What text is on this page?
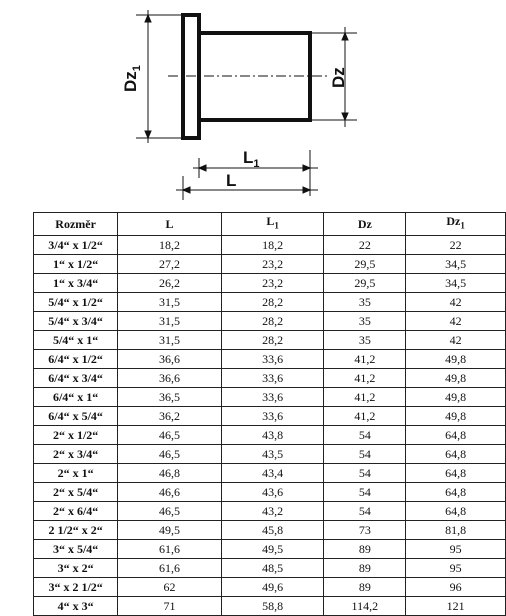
$Dz_1$	Dz
$L_1$
L
Rozměr	L	$L_1$	Dz	$Dz_1$
3/4“ x 1/2“	18,2	18,2	22	22
1“ x 1/2“	27,2	23,2	29,5	34,5
1“ x 3/4“	26,2	23,2	29,5	34,5
5/4“ x 1/2“	31,5	28,2	35	42
5/4“ x 3/4“	31,5	28,2	35	42
5/4“ x 1“	31,5	28,2	35	42
6/4“ x 1/2“	36,6	33,6	41,2	49,8
6/4“ x 3/4“	36,6	33,6	41,2	49,8
6/4“ x 1“	36,5	33,6	41,2	49,8
6/4“ x 5/4“	36,2	33,6	41,2	49,8
2“ x 1/2“	46,5	43,8	54	64,8
2“ x 3/4“	46,5	43,5	54	64,8
2“ x 1“	46,8	43,4	54	64,8
2“ x 5/4“	46,6	43,6	54	64,8
2“ x 6/4“	46,5	43,2	54	64,8
2 1/2“ x 2“	49,5	45,8	73	81,8
3“ x 5/4“	61,6	49,5	89	95
3“ x 2“	61,6	48,5	89	95
3“ x 2 1/2“	62	49,6	89	96
4“ x 3“	71	58,8	114,2	121
